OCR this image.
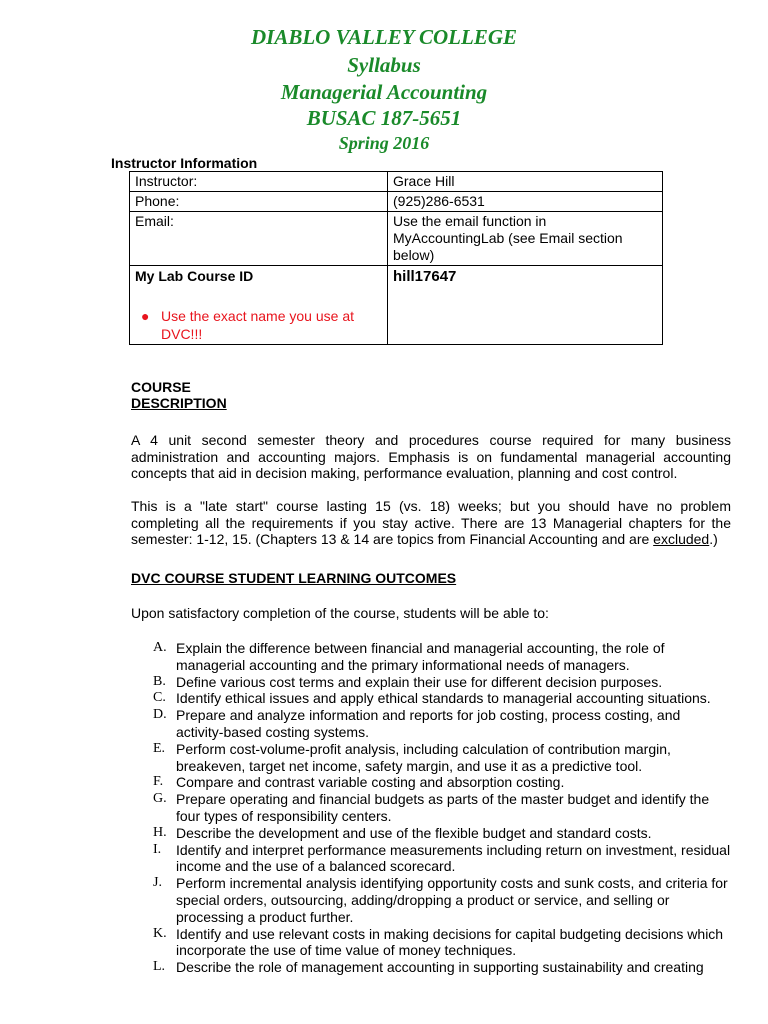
DIABLO VALLEY COLLEGE
Syllabus
Managerial Accounting
BUSAC 187-5651
Spring 2016
Instructor Information
Instructor:	Grace Hill
Phone:	(925)286-6531
Email:	Use the email function in MyAccountingLab (see Email section below)

My Lab Course ID
● Use the exact name you use at DVC!!!	hill17647
COURSE
DESCRIPTION
A 4 unit second semester theory and procedures course required for many business administration and accounting majors. Emphasis is on fundamental managerial accounting concepts that aid in decision making, performance evaluation, planning and cost control.
This is a "late start" course lasting 15 (vs. 18) weeks; but you should have no problem completing all the requirements if you stay active. There are 13 Managerial chapters for the semester: 1-12, 15. (Chapters 13 & 14 are topics from Financial Accounting and are excluded.)
DVC COURSE STUDENT LEARNING OUTCOMES
Upon satisfactory completion of the course, students will be able to:
A. Explain the difference between financial and managerial accounting, the role of managerial accounting and the primary informational needs of managers.
B. Define various cost terms and explain their use for different decision purposes.
C. Identify ethical issues and apply ethical standards to managerial accounting situations.
D. Prepare and analyze information and reports for job costing, process costing, and activity-based costing systems.
E. Perform cost-volume-profit analysis, including calculation of contribution margin, breakeven, target net income, safety margin, and use it as a predictive tool.
F. Compare and contrast variable costing and absorption costing.
G. Prepare operating and financial budgets as parts of the master budget and identify the four types of responsibility centers.
H. Describe the development and use of the flexible budget and standard costs.
I. Identify and interpret performance measurements including return on investment, residual income and the use of a balanced scorecard.
J. Perform incremental analysis identifying opportunity costs and sunk costs, and criteria for special orders, outsourcing, adding/dropping a product or service, and selling or processing a product further.
K. Identify and use relevant costs in making decisions for capital budgeting decisions which incorporate the use of time value of money techniques.
L. Describe the role of management accounting in supporting sustainability and creating
